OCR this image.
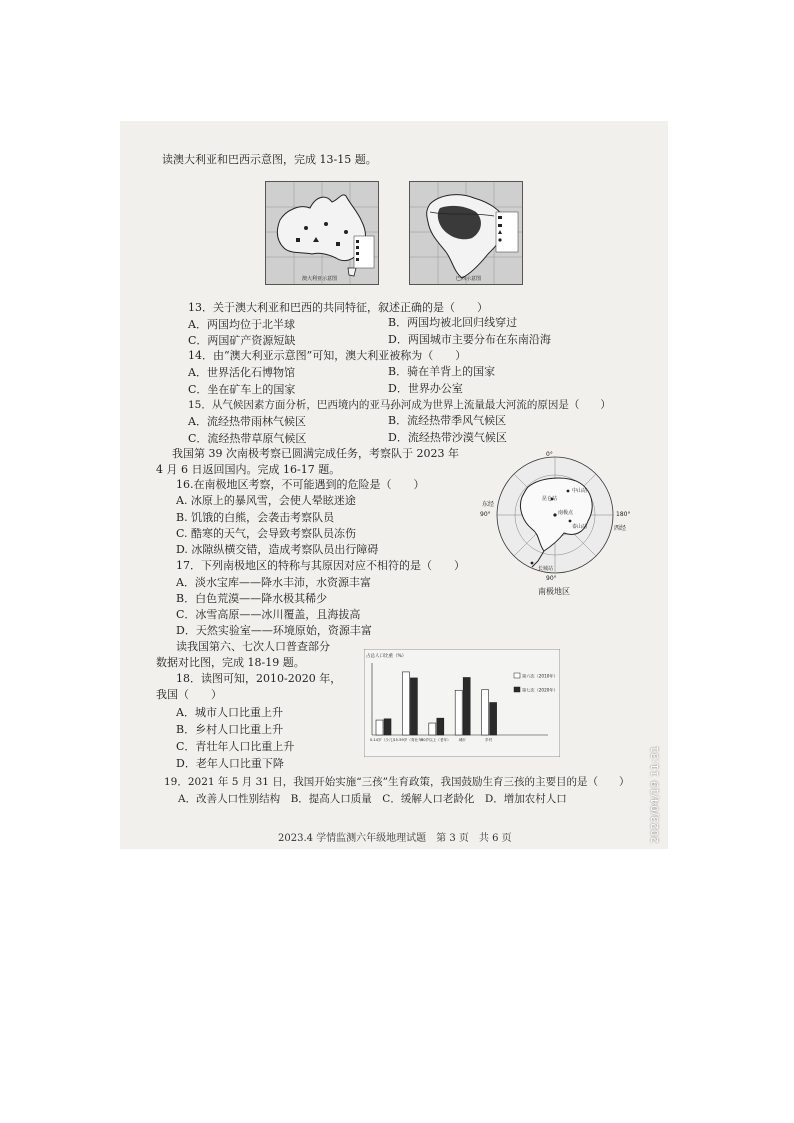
读澳大利亚和巴西示意图，完成 13-15 题。
澳大利亚示意图	巴西示意图
13．关于澳大利亚和巴西的共同特征，叙述正确的是（　　）
A．两国均位于北半球	B．两国均被北回归线穿过
C．两国矿产资源短缺	D．两国城市主要分布在东南沿海
14．由“澳大利亚示意图”可知，澳大利亚被称为（　　）
A．世界活化石博物馆	B．骑在羊背上的国家
C．坐在矿车上的国家	D．世界办公室
15．从气候因素方面分析，巴西境内的亚马孙河成为世界上流量最大河流的原因是（　　）
A．流经热带雨林气候区	B．流经热带季风气候区
C．流经热带草原气候区	D．流经热带沙漠气候区
我国第 39 次南极考察已圆满完成任务，考察队于 2023 年
4 月 6 日返回国内。完成 16-17 题。
16.在南极地区考察，不可能遇到的危险是（　　）
A. 冰原上的暴风雪，会使人晕眩迷途
B. 饥饿的白熊，会袭击考察队员
C. 酷寒的天气，会导致考察队员冻伤
D. 冰隙纵横交错，造成考察队员出行障碍
17．下列南极地区的特称与其原因对应不相符的是（　　）
A．淡水宝库——降水丰沛，水资源丰富
B．白色荒漠——降水极其稀少
C．冰雪高原——冰川覆盖，且海拔高
D．天然实验室——环境原始，资源丰富
0°
90°
180°
90°
东经
西经
长城站
中山站
昆仑站
泰山站
南极点
南极地区
读我国第六、七次人口普查部分
数据对比图，完成 18-19 题。
18．读图可知，2010-2020 年，
我国（　　）
A．城市人口比重上升
B．乡村人口比重上升
C．青壮年人口比重上升
D．老年人口比重下降
占总人口比重（%）
0-14岁（少儿）
15-59岁（青壮年）
60岁以上（老年） 城市	乡村
第六次（2010年）
第七次（2020年）
19．2021 年 5 月 31 日，我国开始实施“三孩”生育政策，我国鼓励生育三孩的主要目的是（　　）
A．改善人口性别结构　B．提高人口质量　C．缓解人口老龄化　D．增加农村人口
2023.4 学情监测六年级地理试题　第 3 页　共 6 页	2023/04/19 11:31
